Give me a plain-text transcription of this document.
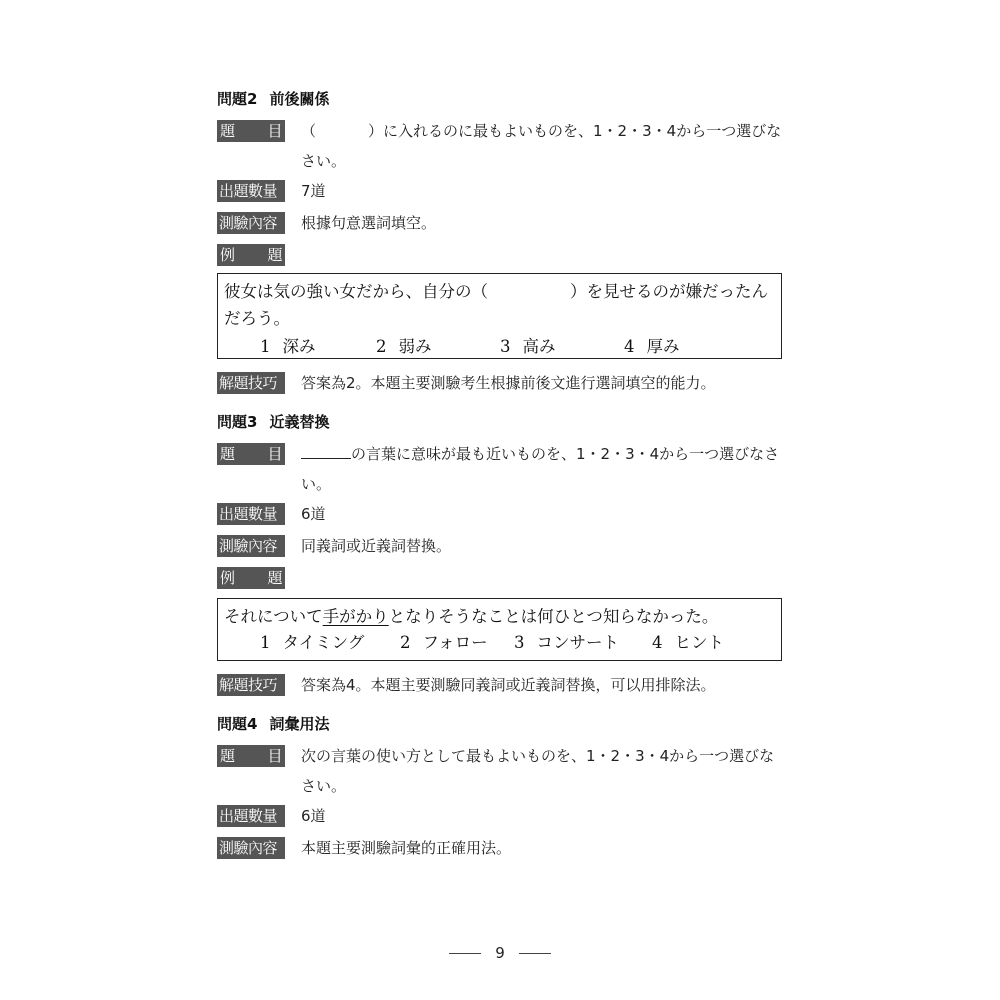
問題2 前後關係
題 目 （	）に入れるのに最もよいものを、1・2・3・4から一つ選びなさい。
出題數量	7道
測驗內容	根據句意選詞填空。
例 題
彼女は気の強い女だから、自分の（	）を見せるのが嫌だったんだろう。
1 深み	2 弱み	3 高み	4 厚み
解題技巧	答案為2。本題主要測驗考生根據前後文進行選詞填空的能力。
問題3 近義替換
題 目	の言葉に意味が最も近いものを、1・2・3・4から一つ選びなさい。
出題數量	6道
測驗內容	同義詞或近義詞替換。
例 題
それについて手がかりとなりそうなことは何ひとつ知らなかった。
1 タイミング	2 フォロー	3 コンサート	4 ヒント
解題技巧	答案為4。本題主要測驗同義詞或近義詞替換，可以用排除法。
問題4 詞彙用法
題 目 次の言葉の使い方として最もよいものを、1・2・3・4から一つ選びなさい。
出題數量	6道
測驗內容	本題主要測驗詞彙的正確用法。
9
